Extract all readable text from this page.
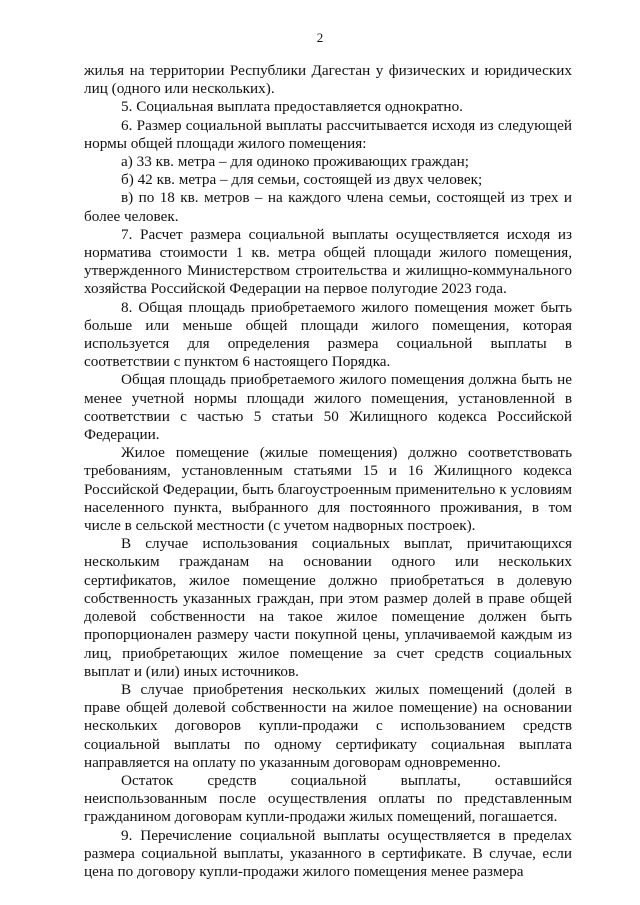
2

жилья на территории Республики Дагестан у физических и юридических лиц (одного или нескольких).

5. Социальная выплата предоставляется однократно.

6. Размер социальной выплаты рассчитывается исходя из следующей нормы общей площади жилого помещения:

а) 33 кв. метра – для одиноко проживающих граждан;

б) 42 кв. метра – для семьи, состоящей из двух человек;

в) по 18 кв. метров – на каждого члена семьи, состоящей из трех и более человек.

7. Расчет размера социальной выплаты осуществляется исходя из норматива стоимости 1 кв. метра общей площади жилого помещения, утвержденного Министерством строительства и жилищно-коммунального хозяйства Российской Федерации на первое полугодие 2023 года.

8. Общая площадь приобретаемого жилого помещения может быть больше или меньше общей площади жилого помещения, которая используется для определения размера социальной выплаты в соответствии с пунктом 6 настоящего Порядка.

Общая площадь приобретаемого жилого помещения должна быть не менее учетной нормы площади жилого помещения, установленной в соответствии с частью 5 статьи 50 Жилищного кодекса Российской Федерации.

Жилое помещение (жилые помещения) должно соответствовать требованиям, установленным статьями 15 и 16 Жилищного кодекса Российской Федерации, быть благоустроенным применительно к условиям населенного пункта, выбранного для постоянного проживания, в том числе в сельской местности (с учетом надворных построек).

В случае использования социальных выплат, причитающихся нескольким гражданам на основании одного или нескольких сертификатов, жилое помещение должно приобретаться в долевую собственность указанных граждан, при этом размер долей в праве общей долевой собственности на такое жилое помещение должен быть пропорционален размеру части покупной цены, уплачиваемой каждым из лиц, приобретающих жилое помещение за счет средств социальных выплат и (или) иных источников.

В случае приобретения нескольких жилых помещений (долей в праве общей долевой собственности на жилое помещение) на основании нескольких договоров купли-продажи с использованием средств социальной выплаты по одному сертификату социальная выплата направляется на оплату по указанным договорам одновременно.

Остаток средств социальной выплаты, оставшийся неиспользованным после осуществления оплаты по представленным гражданином договорам купли-продажи жилых помещений, погашается.

9. Перечисление социальной выплаты осуществляется в пределах размера социальной выплаты, указанного в сертификате. В случае, если цена по договору купли-продажи жилого помещения менее размера
